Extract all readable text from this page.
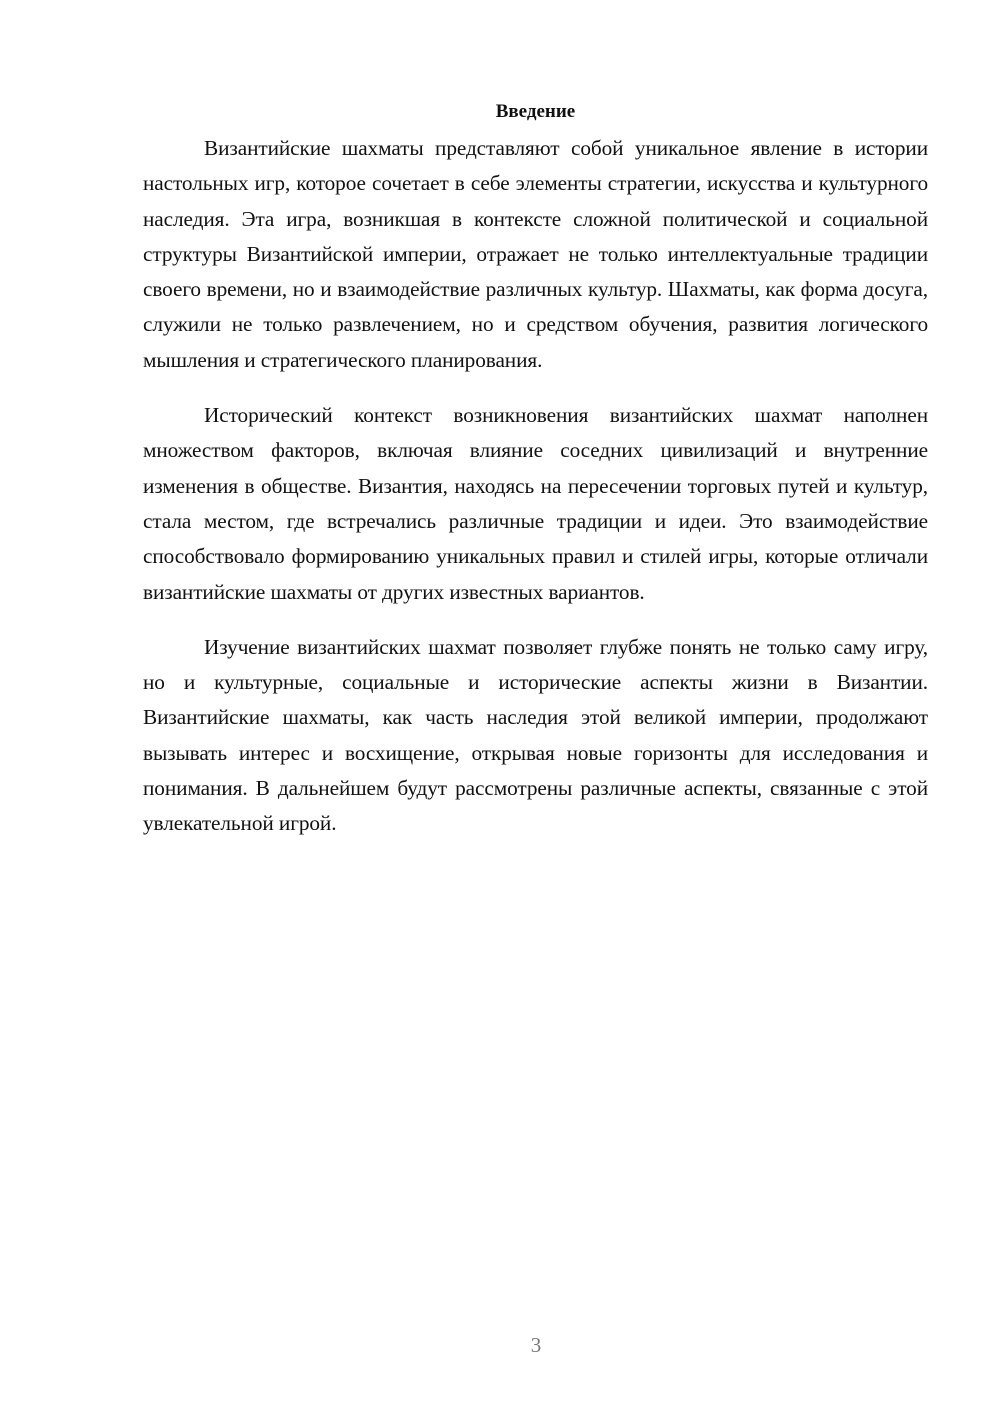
Введение

Византийские шахматы представляют собой уникальное явление в истории настольных игр, которое сочетает в себе элементы стратегии, искусства и культурного наследия. Эта игра, возникшая в контексте сложной политической и социальной структуры Византийской империи, отражает не только интеллектуальные традиции своего времени, но и взаимодействие различных культур. Шахматы, как форма досуга, служили не только развлечением, но и средством обучения, развития логического мышления и стратегического планирования.

Исторический контекст возникновения византийских шахмат наполнен множеством факторов, включая влияние соседних цивилизаций и внутренние изменения в обществе. Византия, находясь на пересечении торговых путей и культур, стала местом, где встречались различные традиции и идеи. Это взаимодействие способствовало формированию уникальных правил и стилей игры, которые отличали византийские шахматы от других известных вариантов.

Изучение византийских шахмат позволяет глубже понять не только саму игру, но и культурные, социальные и исторические аспекты жизни в Византии. Византийские шахматы, как часть наследия этой великой империи, продолжают вызывать интерес и восхищение, открывая новые горизонты для исследования и понимания. В дальнейшем будут рассмотрены различные аспекты, связанные с этой увлекательной игрой.

3
